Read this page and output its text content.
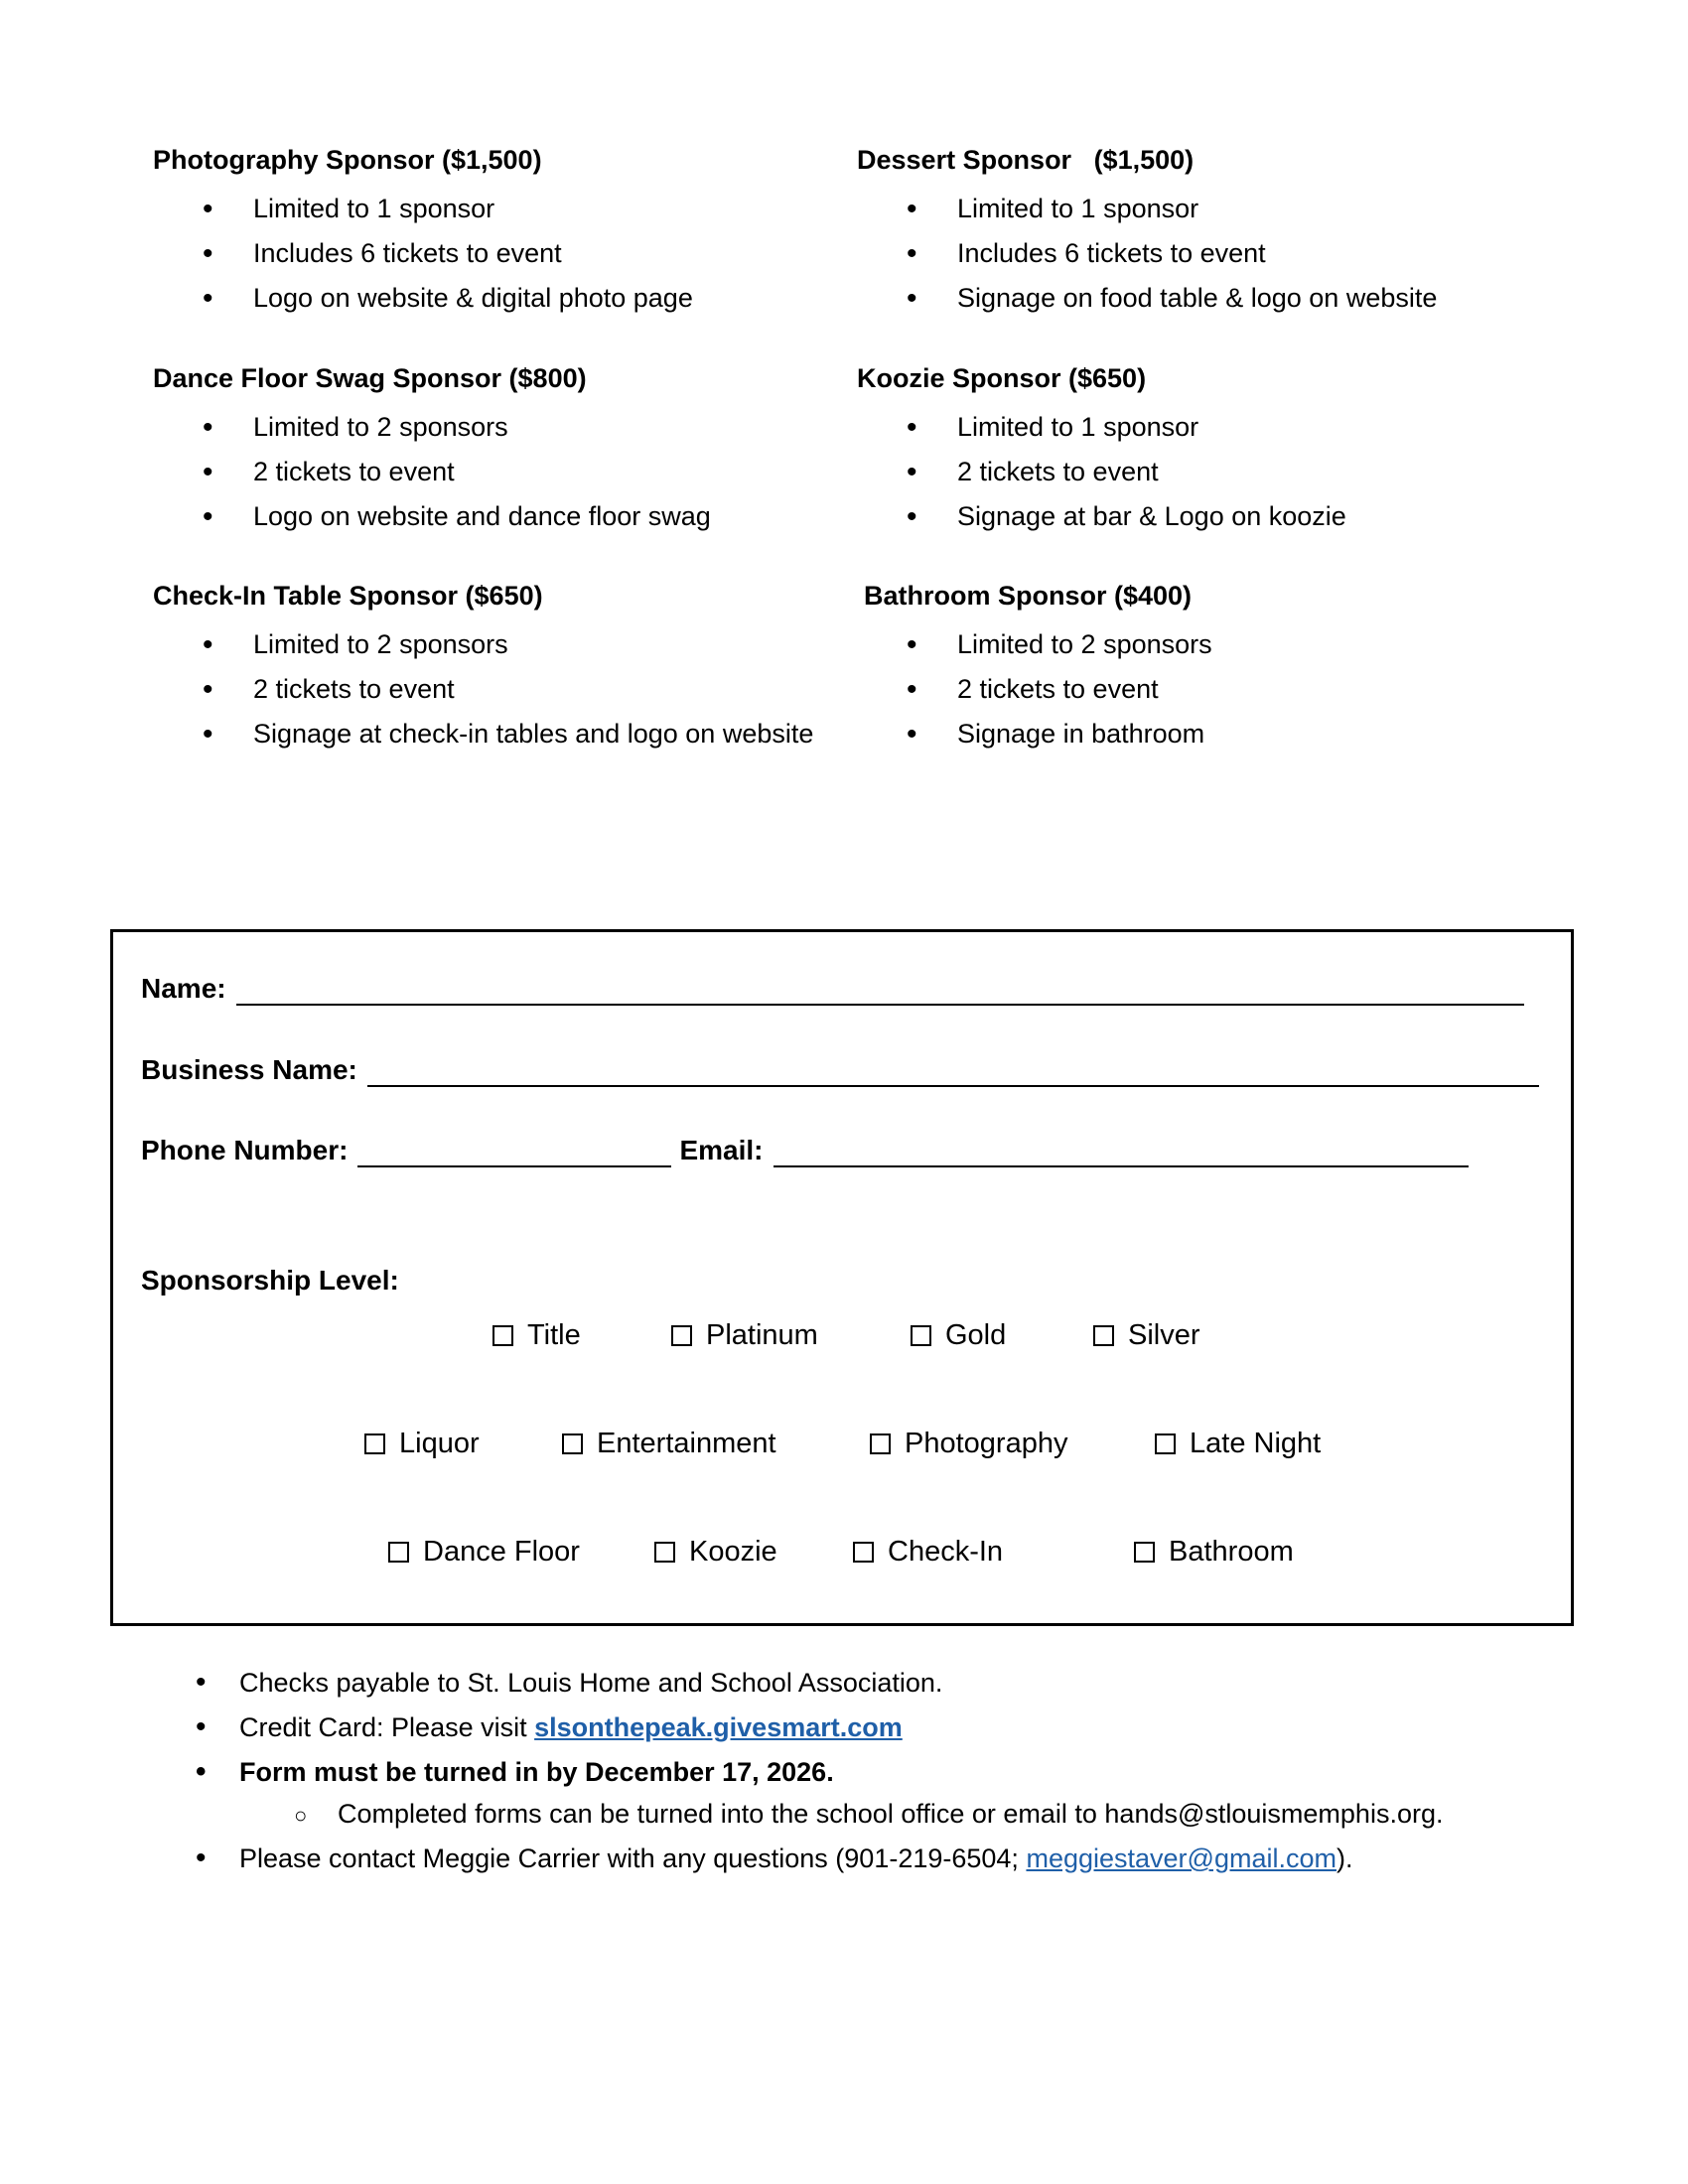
Photography Sponsor ($1,500)
• Limited to 1 sponsor
• Includes 6 tickets to event
• Logo on website & digital photo page
Dessert Sponsor   ($1,500)
• Limited to 1 sponsor
• Includes 6 tickets to event
• Signage on food table & logo on website
Dance Floor Swag Sponsor ($800)
• Limited to 2 sponsors
• 2 tickets to event
• Logo on website and dance floor swag
Koozie Sponsor ($650)
• Limited to 1 sponsor
• 2 tickets to event
• Signage at bar & Logo on koozie
Check-In Table Sponsor ($650)
• Limited to 2 sponsors
• 2 tickets to event
• Signage at check-in tables and logo on website
Bathroom Sponsor ($400)
• Limited to 2 sponsors
• 2 tickets to event
• Signage in bathroom
Name:
Business Name:
Phone Number:	Email:
Sponsorship Level:
Title	Platinum	Gold	Silver
Liquor	Entertainment	Photography	Late Night
Dance Floor	Koozie	Check-In	Bathroom
• Checks payable to St. Louis Home and School Association.
• Credit Card: Please visit slsonthepeak.givesmart.com
• Form must be turned in by December 17, 2026.
○ Completed forms can be turned into the school office or email to hands@stlouismemphis.org.
• Please contact Meggie Carrier with any questions (901-219-6504; meggiestaver@gmail.com).
